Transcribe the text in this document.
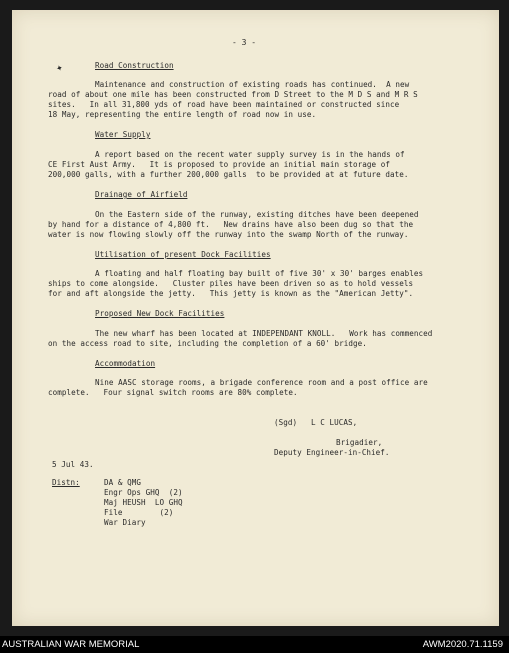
- 3 -
✦	Road Construction
Maintenance and construction of existing roads has continued.  A new
road of about one mile has been constructed from D Street to the M D S and M R S
sites.   In all 31,800 yds of road have been maintained or constructed since
18 May, representing the entire length of road now in use.
Water Supply
A report based on the recent water supply survey is in the hands of
CE First Aust Army.   It is proposed to provide an initial main storage of
200,000 galls, with a further 200,000 galls  to be provided at at future date.
Drainage of Airfield
On the Eastern side of the runway, existing ditches have been deepened
by hand for a distance of 4,800 ft.   New drains have also been dug so that the
water is now flowing slowly off the runway into the swamp North of the runway.
Utilisation of present Dock Facilities
A floating and half floating bay built of five 30' x 30' barges enables
ships to come alongside.   Cluster piles have been driven so as to hold vessels
for and aft alongside the jetty.   This jetty is known as the "American Jetty".
Proposed New Dock Facilities
The new wharf has been located at INDEPENDANT KNOLL.   Work has commenced
on the access road to site, including the completion of a 60' bridge.
Accommodation
Nine AASC storage rooms, a brigade conference room and a post office are
complete.   Four signal switch rooms are 80% complete.
(Sgd)   L C LUCAS,
Brigadier,
Deputy Engineer-in-Chief.
5 Jul 43.
Distn:	DA & QMG
Engr Ops GHQ  (2)
Maj HEUSH  LO GHQ
File        (2)
War Diary
AUSTRALIAN WAR MEMORIAL	AWM2020.71.1159
